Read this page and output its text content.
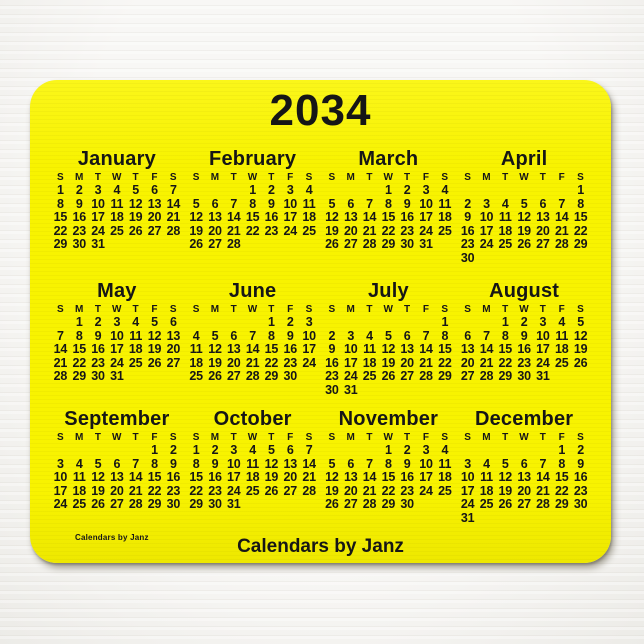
2034
January
S M T W T F S
1 2 3 4 5 6 7
8 9 10 11 12 13 14
15 16 17 18 19 20 21
22 23 24 25 26 27 28
29 30 31
February
S M T W T F S
1 2 3 4
5 6 7 8 9 10 11
12 13 14 15 16 17 18
19 20 21 22 23 24 25
26 27 28
March
S M T W T F S
1 2 3 4
5 6 7 8 9 10 11
12 13 14 15 16 17 18
19 20 21 22 23 24 25
26 27 28 29 30 31
April
S M T W T F S
1
2 3 4 5 6 7 8
9 10 11 12 13 14 15
16 17 18 19 20 21 22
23 24 25 26 27 28 29
30
May
S M T W T F S
1 2 3 4 5 6
7 8 9 10 11 12 13
14 15 16 17 18 19 20
21 22 23 24 25 26 27
28 29 30 31
June
S M T W T F S
1 2 3
4 5 6 7 8 9 10
11 12 13 14 15 16 17
18 19 20 21 22 23 24
25 26 27 28 29 30
July
S M T W T F S
1
2 3 4 5 6 7 8
9 10 11 12 13 14 15
16 17 18 19 20 21 22
23 24 25 26 27 28 29
30 31
August
S M T W T F S
1 2 3 4 5
6 7 8 9 10 11 12
13 14 15 16 17 18 19
20 21 22 23 24 25 26
27 28 29 30 31
September
S M T W T F S
1 2
3 4 5 6 7 8 9
10 11 12 13 14 15 16
17 18 19 20 21 22 23
24 25 26 27 28 29 30
October
S M T W T F S
1 2 3 4 5 6 7
8 9 10 11 12 13 14
15 16 17 18 19 20 21
22 23 24 25 26 27 28
29 30 31
November
S M T W T F S
1 2 3 4
5 6 7 8 9 10 11
12 13 14 15 16 17 18
19 20 21 22 23 24 25
26 27 28 29 30
December
S M T W T F S
1 2
3 4 5 6 7 8 9
10 11 12 13 14 15 16
17 18 19 20 21 22 23
24 25 26 27 28 29 30
31
Calendars by Janz	Calendars by Janz
